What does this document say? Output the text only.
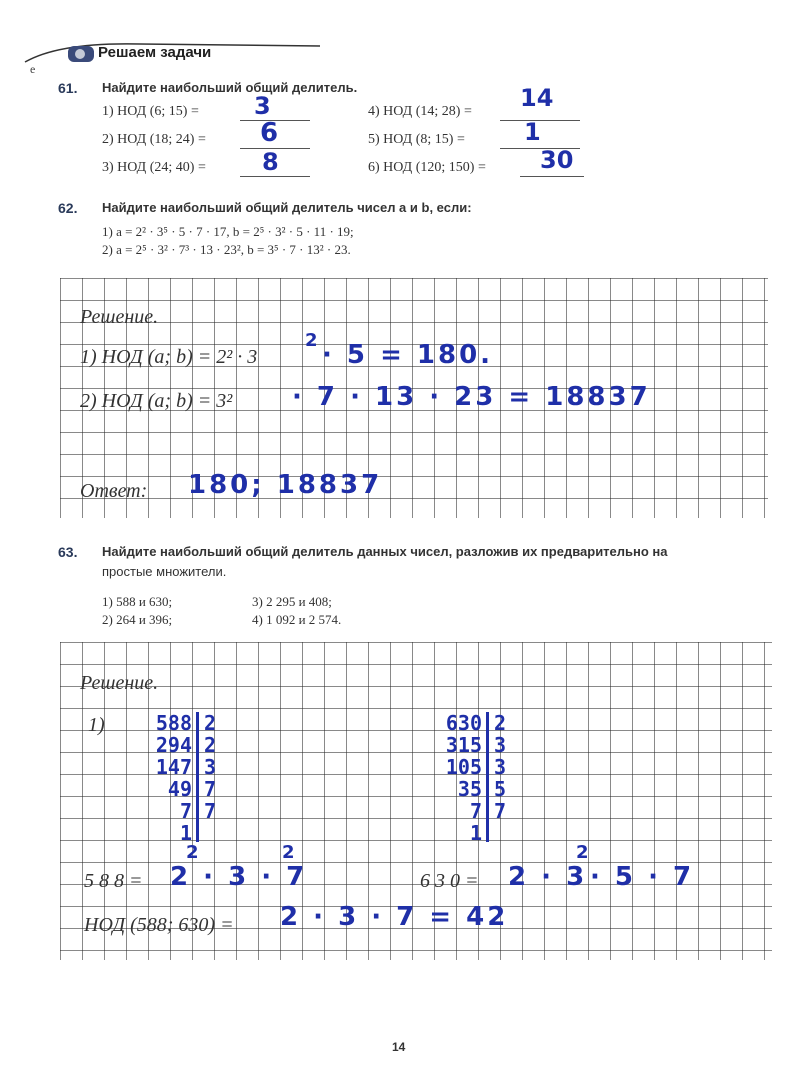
Решаем задачи
e
61. Найдите наибольший общий делитель.
1) НОД (6; 15) = 3
2) НОД (18; 24) = 6
3) НОД (24; 40) = 8
4) НОД (14; 28) = 14
5) НОД (8; 15) = 1
6) НОД (120; 150) = 30
62. Найдите наибольший общий делитель чисел a и b, если:
1) a = 2² · 3⁵ · 5 · 7 · 17, b = 2⁵ · 3² · 5 · 11 · 19;
2) a = 2⁵ · 3² · 7³ · 13 · 23², b = 3⁵ · 7 · 13² · 23.
Решение.
1) НОД (a; b) = 2² · 3
2 · 5 = 180.
2) НОД (a; b) = 3² · 7 · 13 · 23 = 18837
Ответ: 180; 18837
63. Найдите наибольший общий делитель данных чисел, разложив их предварительно на
простые множители.
1) 588 и 630;
2) 264 и 396;
3) 2 295 и 408;
4) 1 092 и 2 574.
Решение.
1)	588
294
147
49
7
1
2
2
3
7
7
630
315
105
35
7
1
2
3
3
5
7
5 8 8 =
2
2 · 3 · 7
2
6 3 0 = 2 · 3
2
· 5 · 7
НОД (588; 630) = 2 · 3 · 7 = 42
14
